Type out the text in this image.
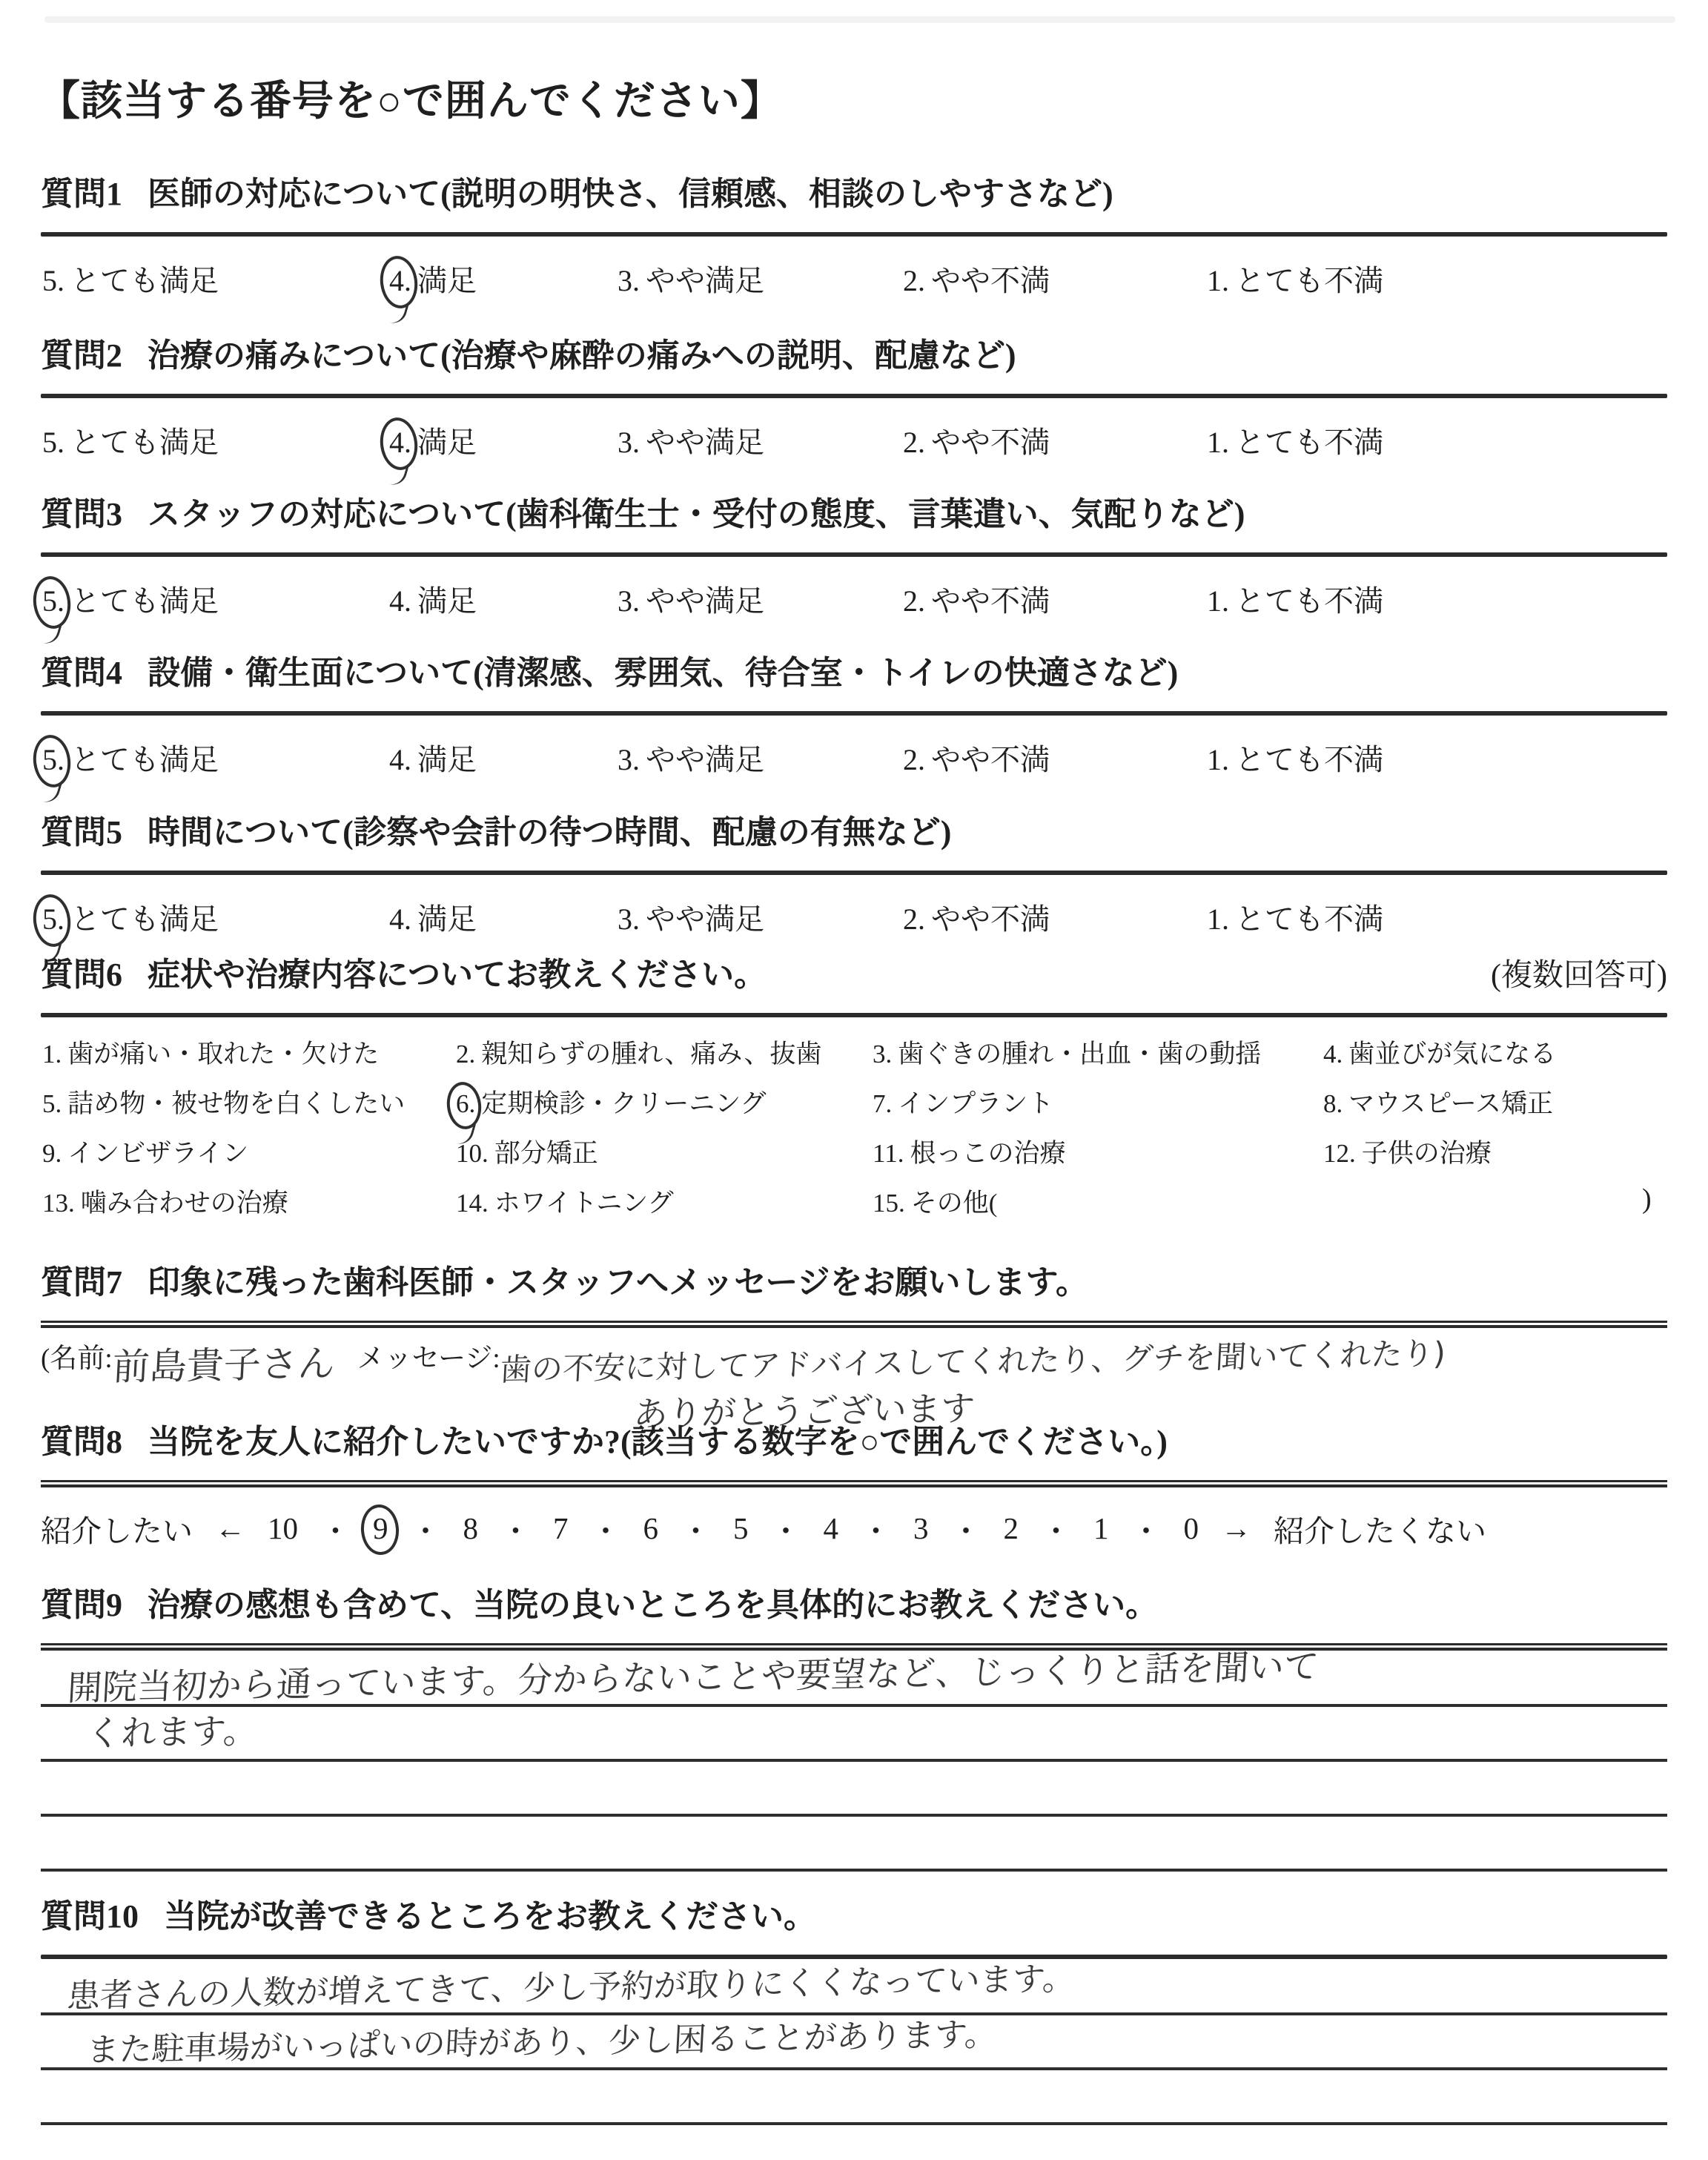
【該当する番号を○で囲んでください】
質問1 医師の対応について(説明の明快さ、信頼感、相談のしやすさなど)
5. とても満足	4. 満足	3. やや満足	2. やや不満	1. とても不満
質問2 治療の痛みについて(治療や麻酔の痛みへの説明、配慮など)
5. とても満足	4. 満足	3. やや満足	2. やや不満	1. とても不満
質問3 スタッフの対応について(歯科衛生士・受付の態度、言葉遣い、気配りなど)
5. とても満足	4. 満足	3. やや満足	2. やや不満	1. とても不満
質問4 設備・衛生面について(清潔感、雰囲気、待合室・トイレの快適さなど)
5. とても満足	4. 満足	3. やや満足	2. やや不満	1. とても不満
質問5 時間について(診察や会計の待つ時間、配慮の有無など)
5. とても満足	4. 満足	3. やや満足	2. やや不満	1. とても不満
質問6 症状や治療内容についてお教えください。	(複数回答可)
1. 歯が痛い・取れた・欠けた	2. 親知らずの腫れ、痛み、抜歯 3. 歯ぐきの腫れ・出血・歯の動揺 4. 歯並びが気になる
5. 詰め物・被せ物を白くしたい 6. 定期検診・クリーニング	7. インプラント	8. マウスピース矯正
9. インビザライン	10. 部分矯正	11. 根っこの治療	12. 子供の治療
13. 噛み合わせの治療	14. ホワイトニング	15. その他(	)
質問7 印象に残った歯科医師・スタッフへメッセージをお願いします。
(名前:
前島貴子さん メッセージ:
歯の不安に対してアドバイスしてくれたり、グチを聞いてくれたり)
ありがとうございます
質問8 当院を友人に紹介したいですか?(該当する数字を○で囲んでください。)
紹介したい ← 10 ・ 9 ・ 8 ・ 7 ・ 6 ・ 5 ・ 4 ・ 3 ・ 2 ・ 1 ・ 0 → 紹介したくない
質問9 治療の感想も含めて、当院の良いところを具体的にお教えください。
開院当初から通っています。分からないことや要望など、じっくりと話を聞いて
くれます。
質問10 当院が改善できるところをお教えください。
患者さんの人数が増えてきて、少し予約が取りにくくなっています。
また駐車場がいっぱいの時があり、少し困ることがあります。
